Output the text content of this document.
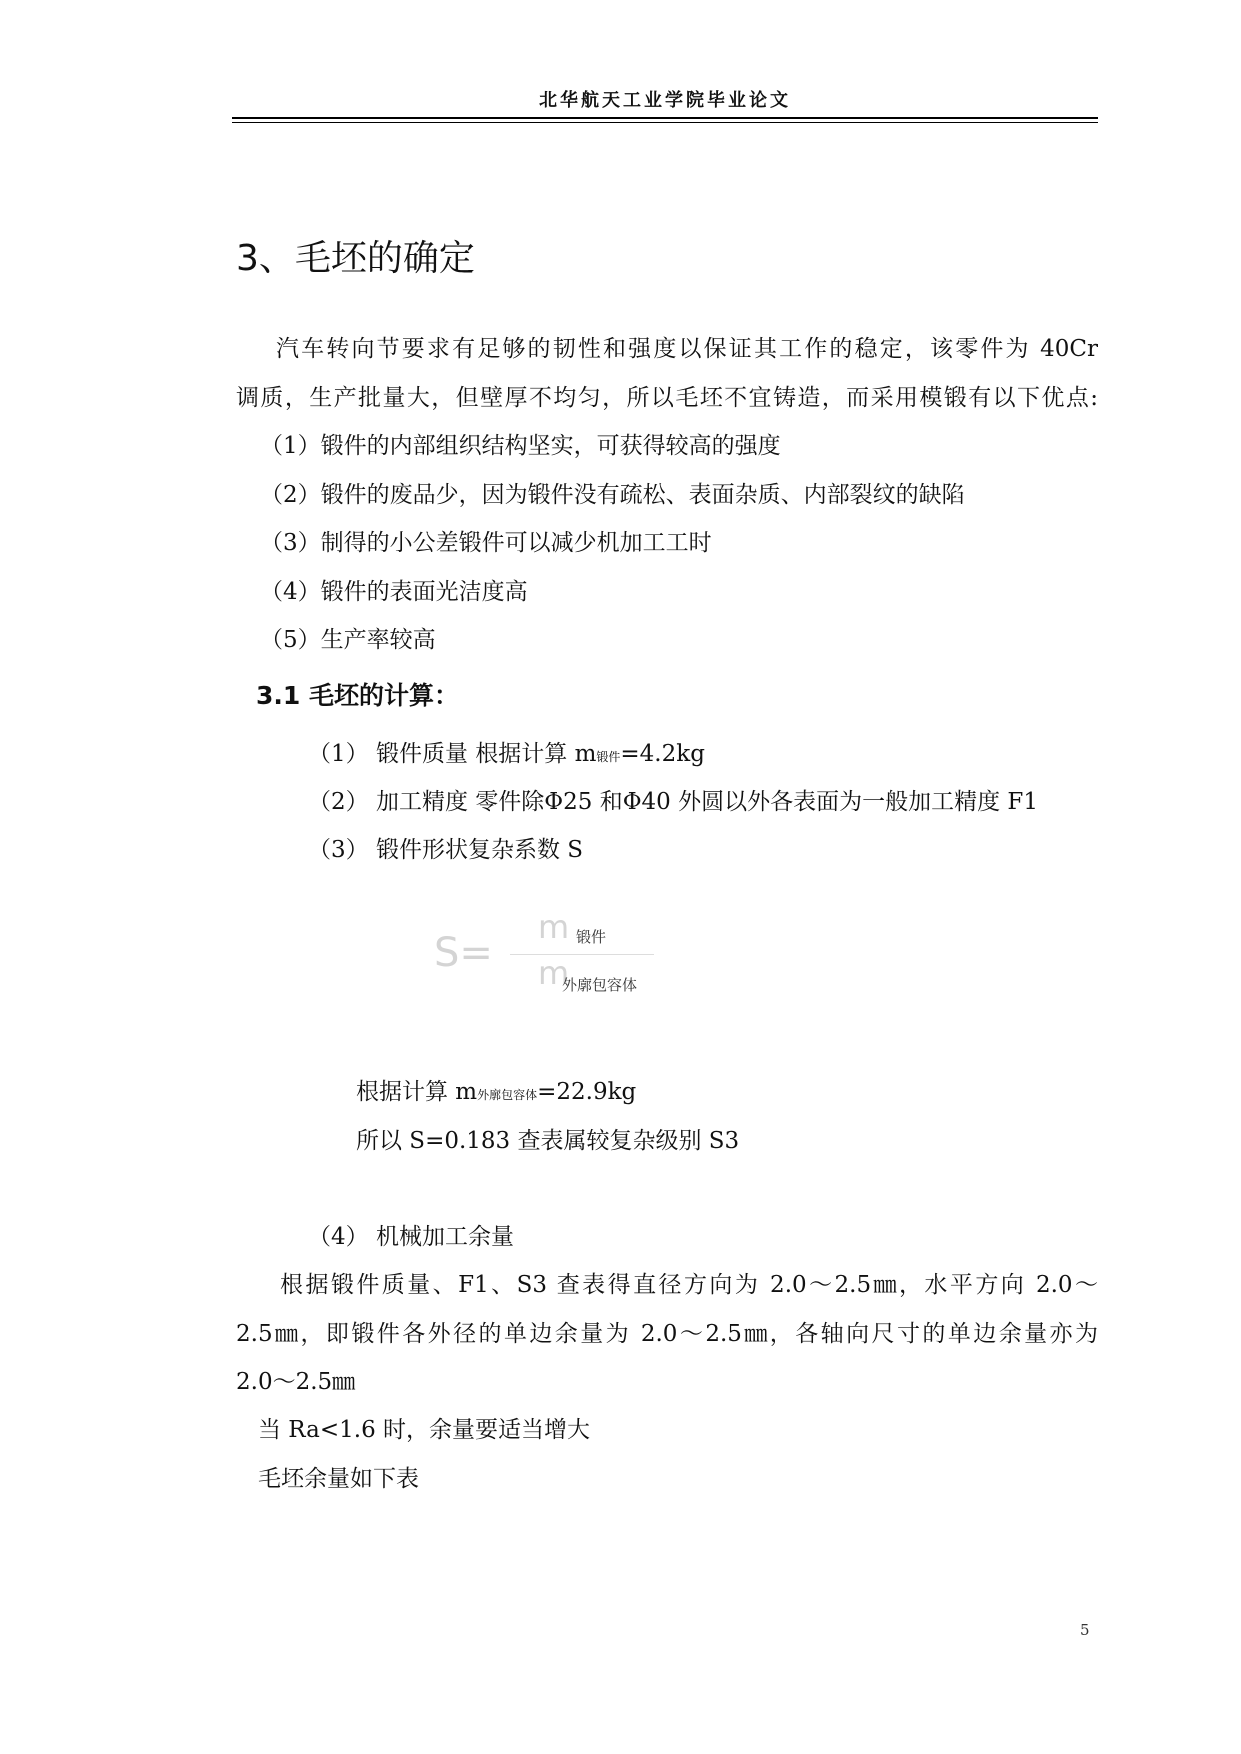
北华航天工业学院毕业论文
3、毛坯的确定
汽车转向节要求有足够的韧性和强度以保证其工作的稳定，该零件为 40Cr
调质，生产批量大，但壁厚不均匀，所以毛坯不宜铸造，而采用模锻有以下优点:
（1）锻件的内部组织结构坚实，可获得较高的强度
（2）锻件的废品少，因为锻件没有疏松、表面杂质、内部裂纹的缺陷
（3）制得的小公差锻件可以减少机加工工时
（4）锻件的表面光洁度高
（5）生产率较高
3.1 毛坯的计算：
（1） 锻件质量 根据计算 m锻件=4.2kg
（2） 加工精度 零件除Φ25 和Φ40 外圆以外各表面为一般加工精度 F1
（3） 锻件形状复杂系数 S
S=
m 锻件
m
外廓包容体
根据计算 m外廓包容体=22.9kg
所以 S=0.183 查表属较复杂级别 S3
（4） 机械加工余量
根据锻件质量、F1、S3 查表得直径方向为 2.0～2.5㎜，水平方向 2.0～
2.5㎜，即锻件各外径的单边余量为 2.0～2.5㎜，各轴向尺寸的单边余量亦为
2.0～2.5㎜
当 Ra<1.6 时，余量要适当增大
毛坯余量如下表
5
